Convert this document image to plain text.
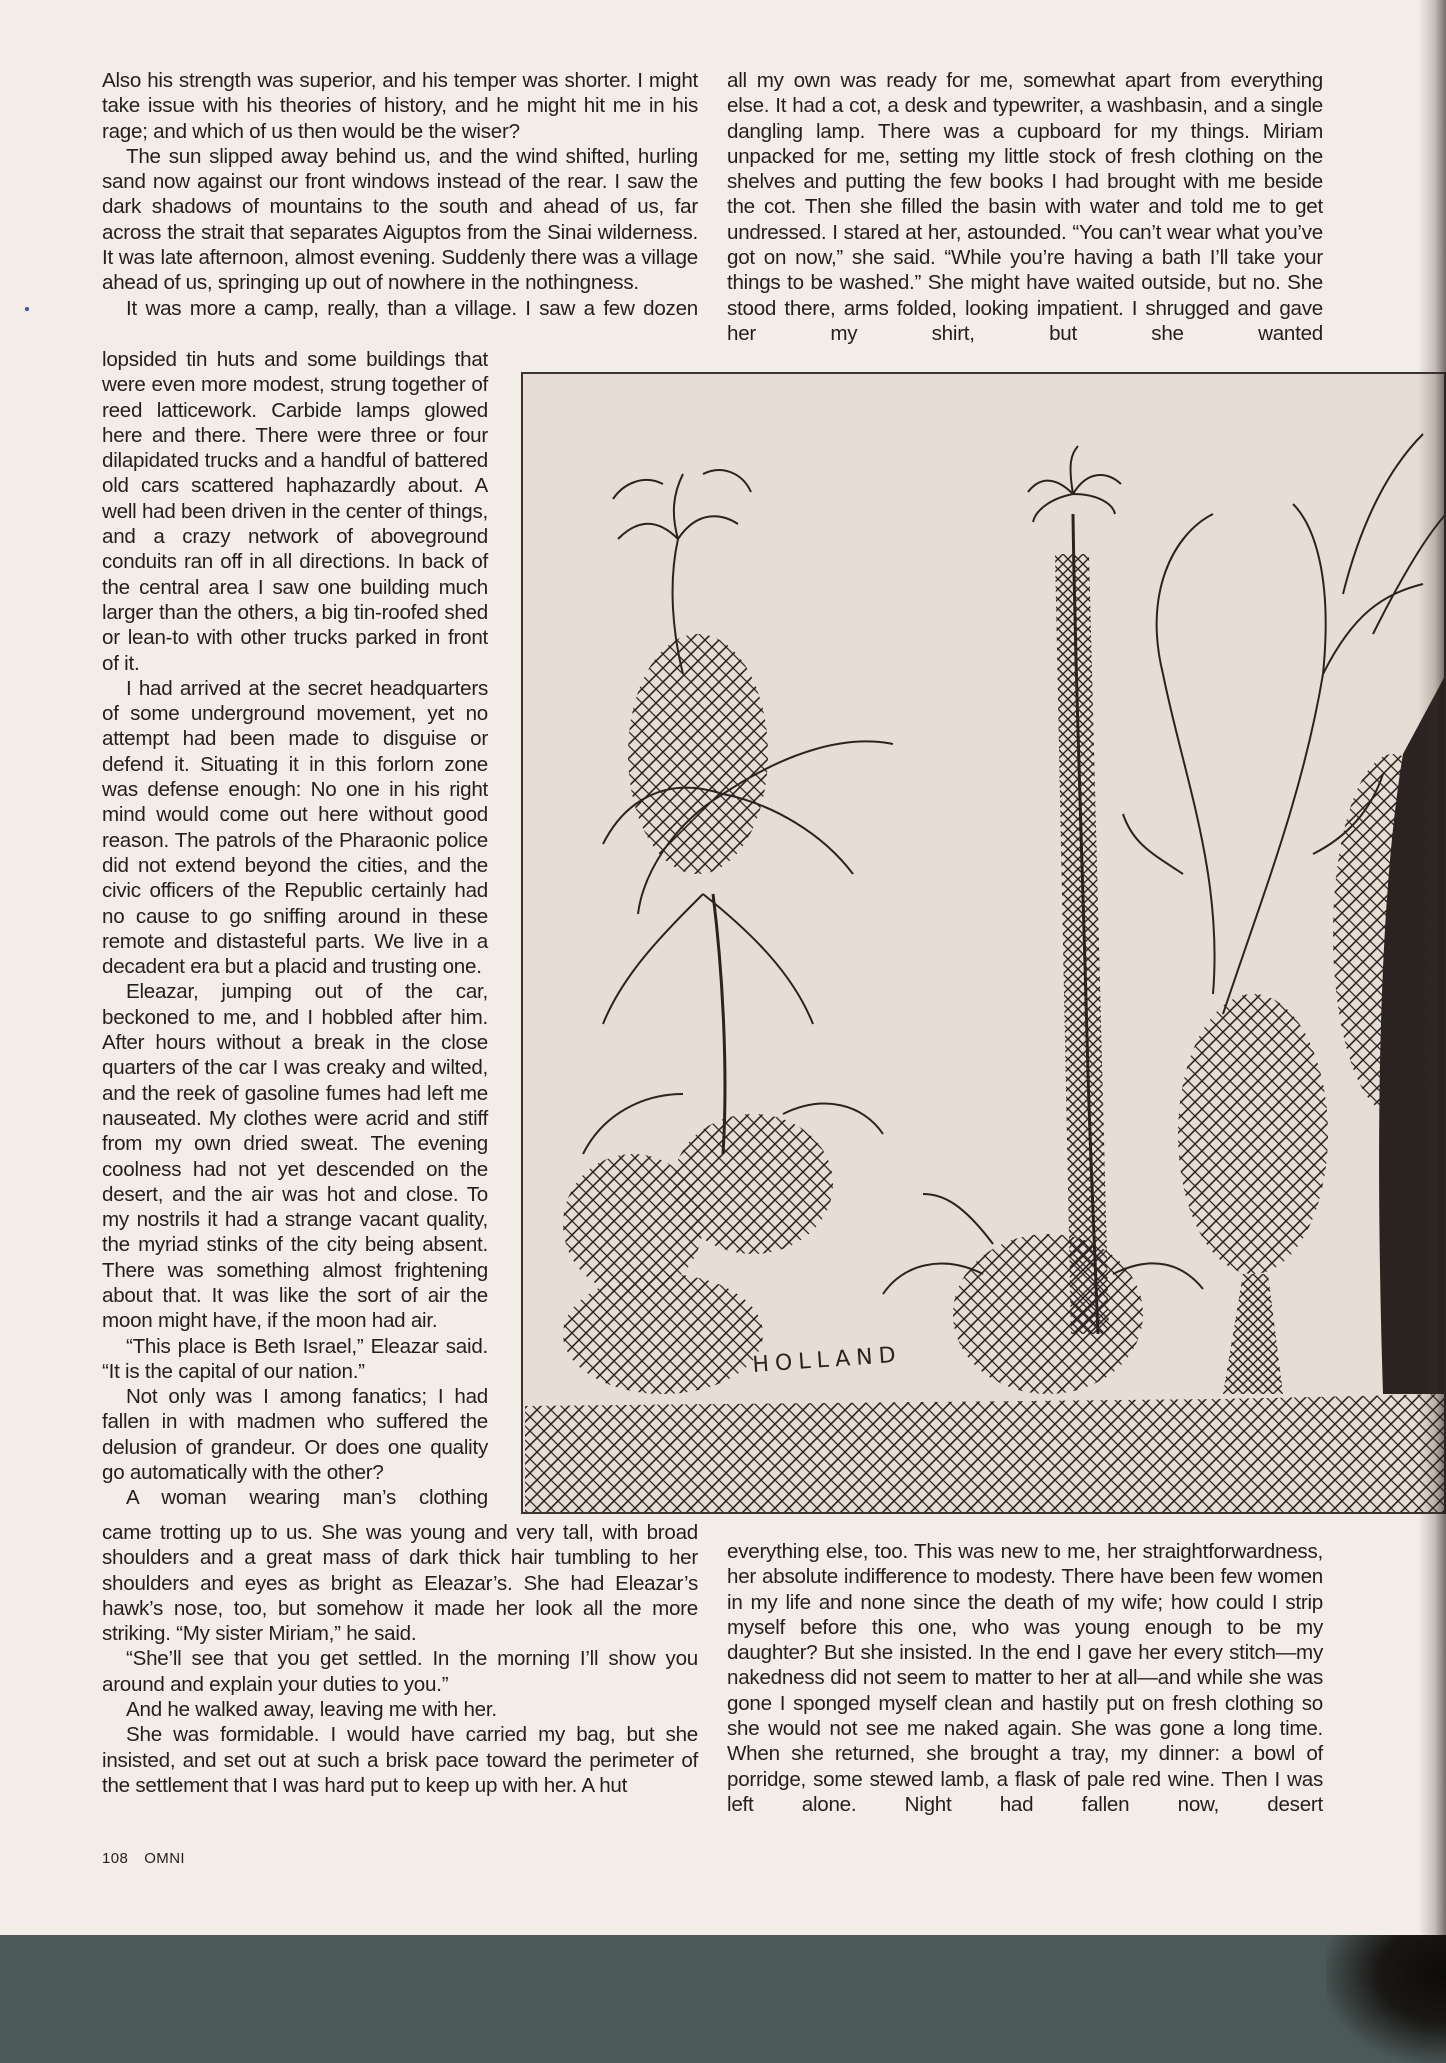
Also his strength was superior, and his temper was shorter. I might take issue with his theories of history, and he might hit me in his rage; and which of us then would be the wiser?

The sun slipped away behind us, and the wind shifted, hurling sand now against our front windows instead of the rear. I saw the dark shadows of mountains to the south and ahead of us, far across the strait that separates Aiguptos from the Sinai wilderness. It was late afternoon, almost evening. Suddenly there was a village ahead of us, springing up out of nowhere in the nothingness.

It was more a camp, really, than a village. I saw a few dozen

lopsided tin huts and some buildings that were even more modest, strung together of reed latticework. Carbide lamps glowed here and there. There were three or four dilapidated trucks and a handful of battered old cars scattered haphazardly about. A well had been driven in the center of things, and a crazy network of aboveground conduits ran off in all directions. In back of the central area I saw one building much larger than the others, a big tin-roofed shed or lean-to with other trucks parked in front of it.

I had arrived at the secret headquarters of some underground movement, yet no attempt had been made to disguise or defend it. Situating it in this forlorn zone was defense enough: No one in his right mind would come out here without good reason. The patrols of the Pharaonic police did not extend beyond the cities, and the civic officers of the Republic certainly had no cause to go sniffing around in these remote and distasteful parts. We live in a decadent era but a placid and trusting one.

Eleazar, jumping out of the car, beckoned to me, and I hobbled after him. After hours without a break in the close quarters of the car I was creaky and wilted, and the reek of gasoline fumes had left me nauseated. My clothes were acrid and stiff from my own dried sweat. The evening coolness had not yet descended on the desert, and the air was hot and close. To my nostrils it had a strange vacant quality, the myriad stinks of the city being absent. There was something almost frightening about that. It was like the sort of air the moon might have, if the moon had air.

“This place is Beth Israel,” Eleazar said. “It is the capital of our nation.”

Not only was I among fanatics; I had fallen in with madmen who suffered the delusion of grandeur. Or does one quality go automatically with the other?

A woman wearing man’s clothing

came trotting up to us. She was young and very tall, with broad shoulders and a great mass of dark thick hair tumbling to her shoulders and eyes as bright as Eleazar’s. She had Eleazar’s hawk’s nose, too, but somehow it made her look all the more striking. “My sister Miriam,” he said.

“She’ll see that you get settled. In the morning I’ll show you around and explain your duties to you.”

And he walked away, leaving me with her.

She was formidable. I would have carried my bag, but she insisted, and set out at such a brisk pace toward the perimeter of the settlement that I was hard put to keep up with her. A hut

all my own was ready for me, somewhat apart from everything else. It had a cot, a desk and typewriter, a washbasin, and a single dangling lamp. There was a cupboard for my things. Miriam unpacked for me, setting my little stock of fresh clothing on the shelves and putting the few books I had brought with me beside the cot. Then she filled the basin with water and told me to get undressed. I stared at her, astounded. “You can’t wear what you’ve got on now,” she said. “While you’re having a bath I’ll take your things to be washed.” She might have waited outside, but no. She stood there, arms folded, looking impatient. I shrugged and gave her my shirt, but she wanted

HOLLAND

everything else, too. This was new to me, her straightforwardness, her absolute indifference to modesty. There have been few women in my life and none since the death of my wife; how could I strip myself before this one, who was young enough to be my daughter? But she insisted. In the end I gave her every stitch—my nakedness did not seem to matter to her at all—and while she was gone I sponged myself clean and hastily put on fresh clothing so she would not see me naked again. She was gone a long time. When she returned, she brought a tray, my dinner: a bowl of porridge, some stewed lamb, a flask of pale red wine. Then I was left alone. Night had fallen now, desert

108 OMNI
